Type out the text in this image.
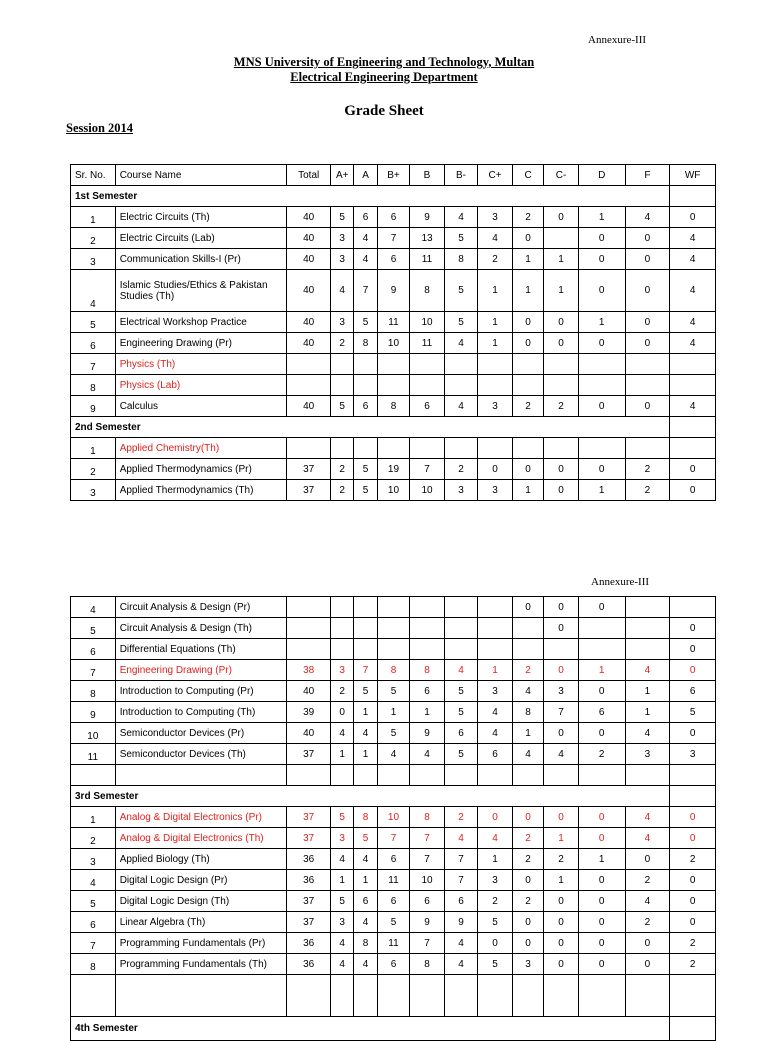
Annexure-III
MNS University of Engineering and Technology, Multan
Electrical Engineering Department
Grade Sheet
Session 2014
Sr. No.	Course Name	Total	A+	A	B+	B	B-	C+	C	C-	D	F	WF
1st Semester													
1	Electric Circuits (Th)	40	5	6	6	9	4	3	2	0	1	4	0
2	Electric Circuits (Lab)	40	3	4	7	13	5	4	0		0	0	4
3	Communication Skills-I (Pr)	40	3	4	6	11	8	2	1	1	0	0	4
4	Islamic Studies/Ethics & Pakistan Studies (Th)	40	4	7	9	8	5	1	1	1	0	0	4
5	Electrical Workshop Practice	40	3	5	11	10	5	1	0	0	1	0	4
6	Engineering Drawing (Pr)	40	2	8	10	11	4	1	0	0	0	0	4
7	Physics (Th)												
8	Physics (Lab)												
9	Calculus	40	5	6	8	6	4	3	2	2	0	0	4
2nd Semester													
1	Applied Chemistry(Th)												
2	Applied Thermodynamics (Pr)	37	2	5	19	7	2	0	0	0	0	2	0
3	Applied Thermodynamics (Th)	37	2	5	10	10	3	3	1	0	1	2	0
Annexure-III
4	Circuit Analysis & Design (Pr)								0	0	0		
5	Circuit Analysis & Design (Th)									0			0
6	Differential Equations (Th)												0
7	Engineering Drawing (Pr)	38	3	7	8	8	4	1	2	0	1	4	0
8	Introduction to Computing (Pr)	40	2	5	5	6	5	3	4	3	0	1	6
9	Introduction to Computing (Th)	39	0	1	1	1	5	4	8	7	6	1	5
10	Semiconductor Devices (Pr)	40	4	4	5	9	6	4	1	0	0	4	0
11	Semiconductor Devices (Th)	37	1	1	4	4	5	6	4	4	2	3	3

3rd Semester													
1	Analog & Digital Electronics (Pr)	37	5	8	10	8	2	0	0	0	0	4	0
2	Analog & Digital Electronics (Th)	37	3	5	7	7	4	4	2	1	0	4	0
3	Applied Biology (Th)	36	4	4	6	7	7	1	2	2	1	0	2
4	Digital Logic Design (Pr)	36	1	1	11	10	7	3	0	1	0	2	0
5	Digital Logic Design (Th)	37	5	6	6	6	6	2	2	0	0	4	0
6	Linear Algebra (Th)	37	3	4	5	9	9	5	0	0	0	2	0
7	Programming Fundamentals (Pr)	36	4	8	11	7	4	0	0	0	0	0	2
8	Programming Fundamentals (Th)	36	4	4	6	8	4	5	3	0	0	0	2

4th Semester													
